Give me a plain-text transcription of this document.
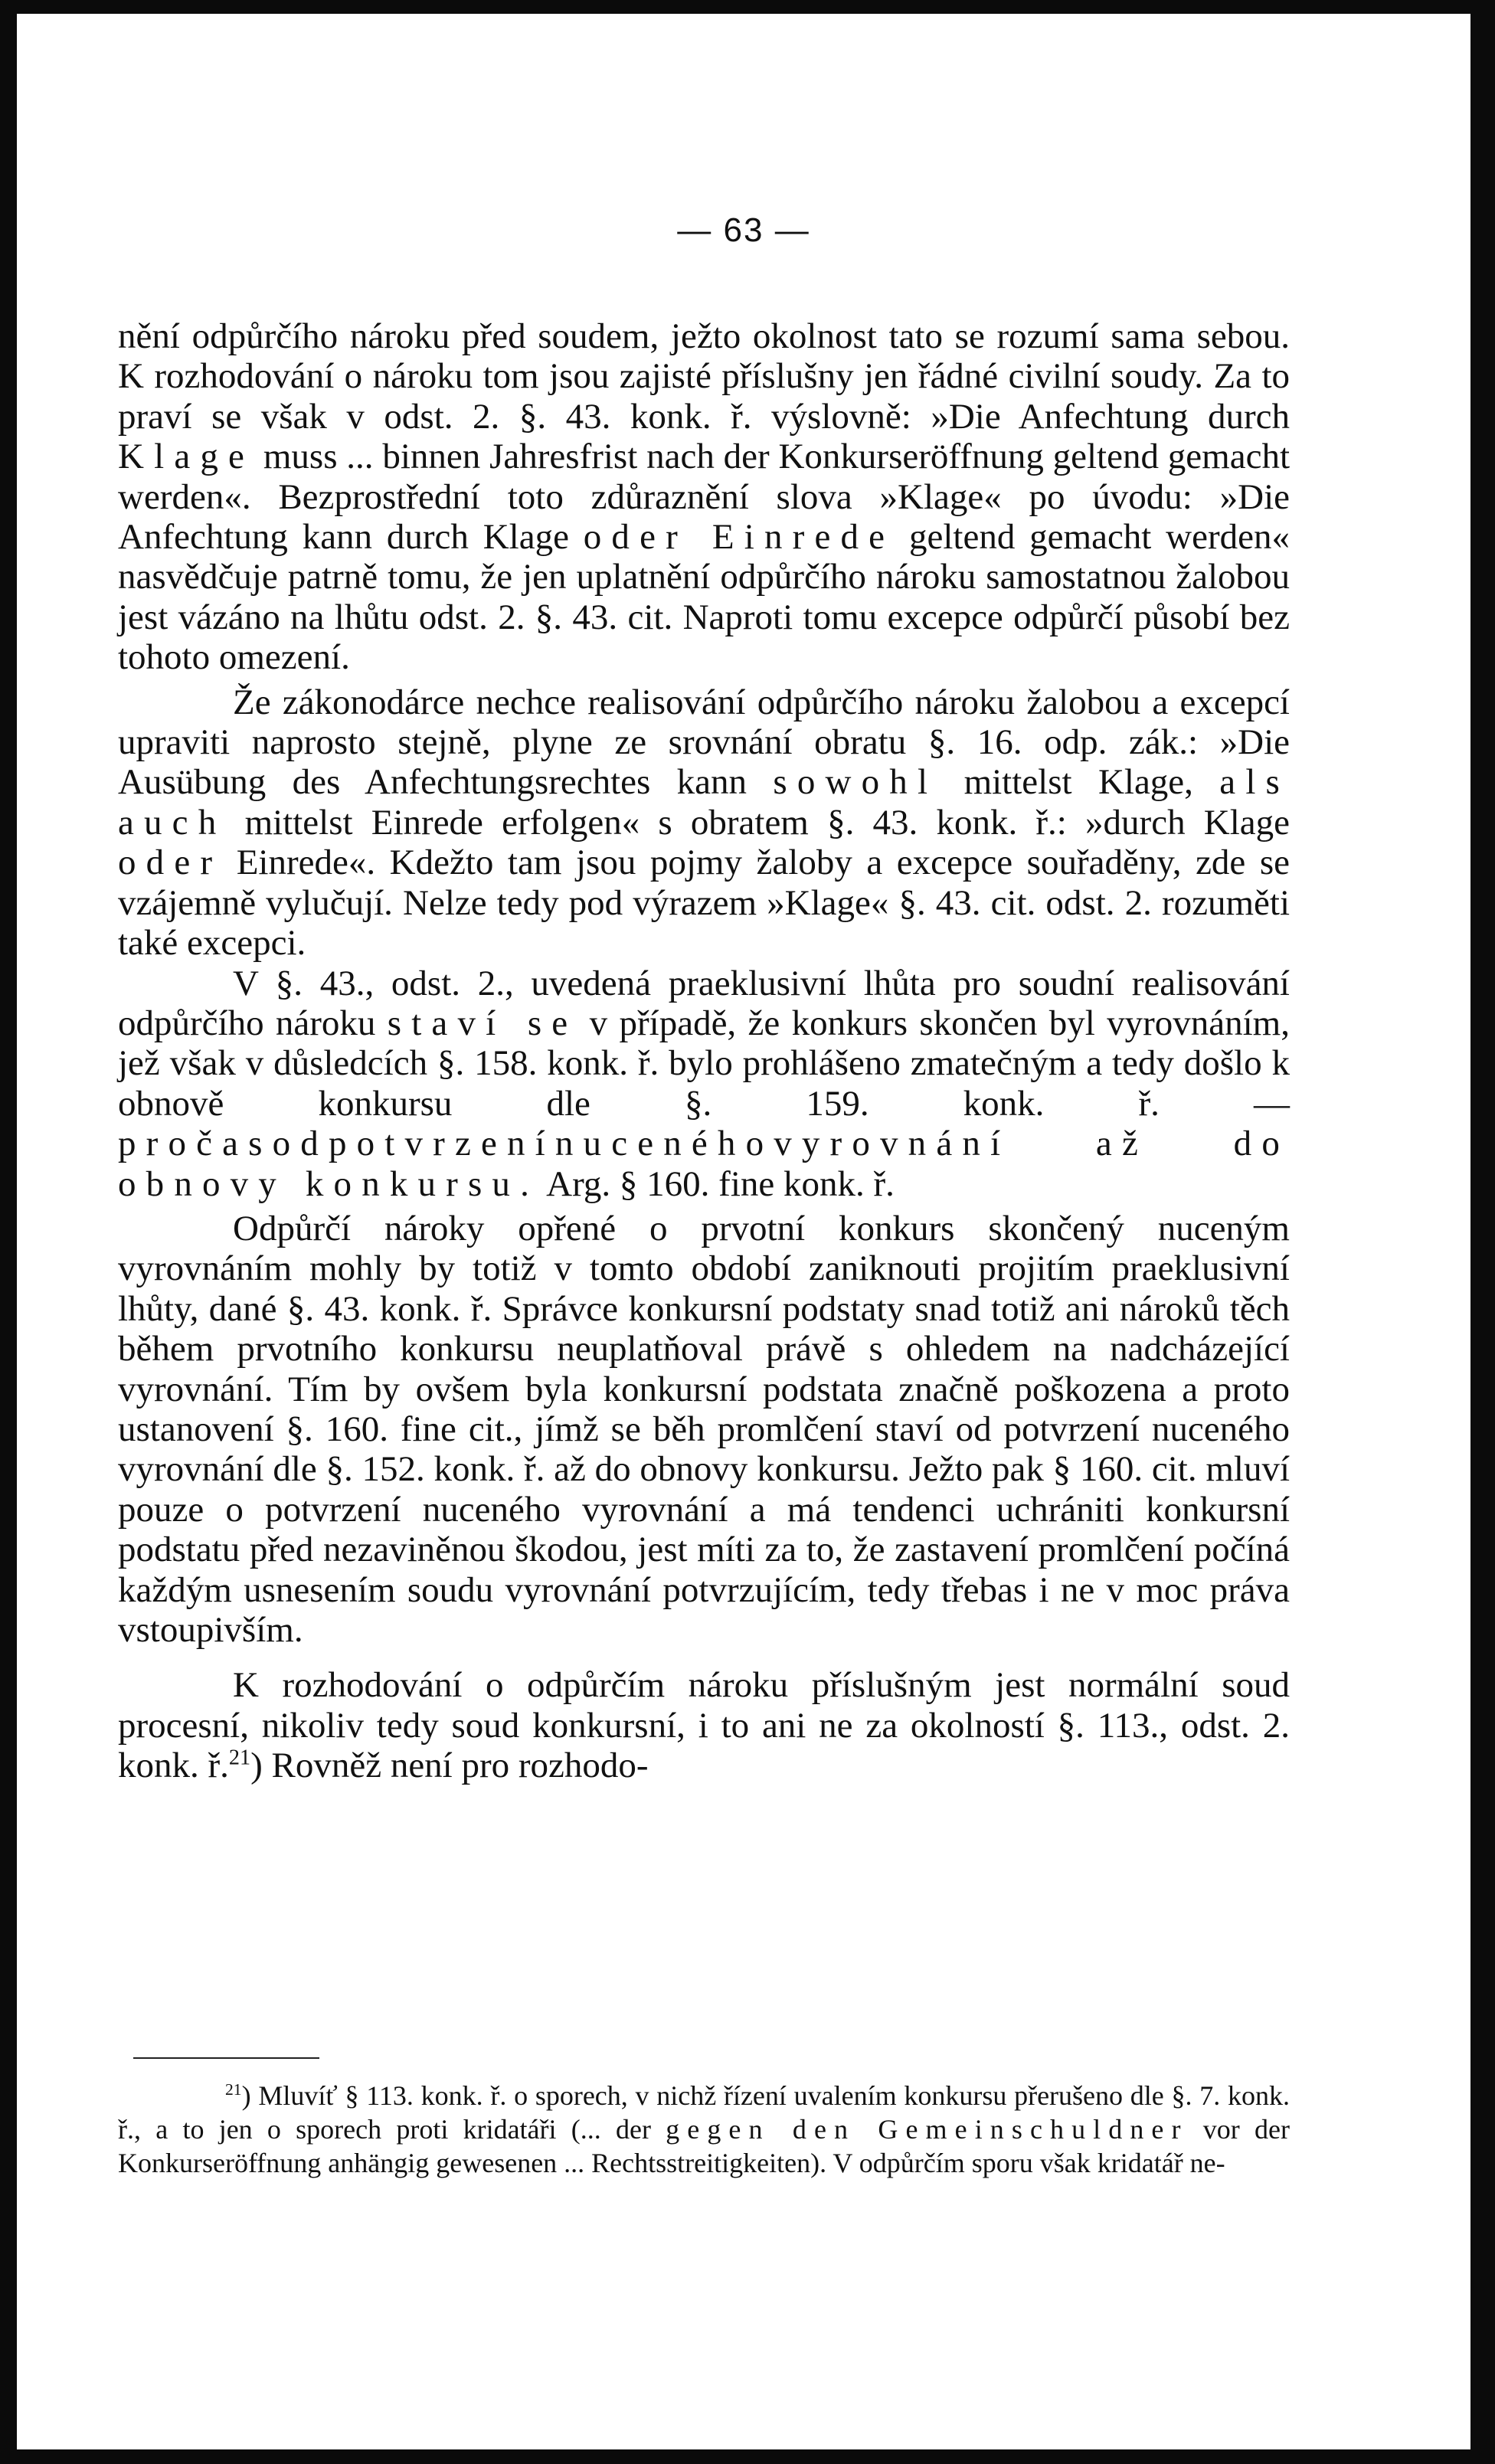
— 63 —

nění odpůrčího nároku před soudem, ježto okolnost tato se rozumí sama sebou. K rozhodování o nároku tom jsou zajisté příslušny jen řádné civilní soudy. Za to praví se však v odst. 2. §. 43. konk. ř. výslovně: »Die Anfechtung durch Klage muss ... binnen Jahresfrist nach der Konkurseröffnung geltend gemacht werden«. Bezprostřední toto zdůraznění slova »Klage« po úvodu: »Die Anfechtung kann durch Klage oder Einrede geltend gemacht werden« nasvědčuje patrně tomu, že jen uplatnění odpůrčího nároku samostatnou žalobou jest vázáno na lhůtu odst. 2. §. 43. cit. Naproti tomu excepce odpůrčí působí bez tohoto omezení.

Že zákonodárce nechce realisování odpůrčího nároku žalobou a excepcí upraviti naprosto stejně, plyne ze srovnání obratu §. 16. odp. zák.: »Die Ausübung des Anfechtungsrechtes kann sowohl mittelst Klage, als auch mittelst Einrede erfolgen« s obratem §. 43. konk. ř.: »durch Klage oder Einrede«. Kdežto tam jsou pojmy žaloby a excepce souřaděny, zde se vzájemně vylučují. Nelze tedy pod výrazem »Klage« §. 43. cit. odst. 2. rozuměti také excepci.

V §. 43., odst. 2., uvedená praeklusivní lhůta pro soudní realisování odpůrčího nároku staví se v případě, že konkurs skončen byl vyrovnáním, jež však v důsledcích §. 158. konk. ř. bylo prohlášeno zmatečným a tedy došlo k obnově konkursu dle §. 159. konk. ř. — pročasodpotvrzenínucenéhovyrovnání až do obnovy konkursu. Arg. § 160. fine konk. ř.

Odpůrčí nároky opřené o prvotní konkurs skončený nuceným vyrovnáním mohly by totiž v tomto období zaniknouti projitím praeklusivní lhůty, dané §. 43. konk. ř. Správce konkursní podstaty snad totiž ani nároků těch během prvotního konkursu neuplatňoval právě s ohledem na nadcházející vyrovnání. Tím by ovšem byla konkursní podstata značně poškozena a proto ustanovení §. 160. fine cit., jímž se běh promlčení staví od potvrzení nuceného vyrovnání dle §. 152. konk. ř. až do obnovy konkursu. Ježto pak § 160. cit. mluví pouze o potvrzení nuceného vyrovnání a má tendenci uchrániti konkursní podstatu před nezaviněnou škodou, jest míti za to, že zastavení promlčení počíná každým usnesením soudu vyrovnání potvrzujícím, tedy třebas i ne v moc práva vstoupivším.

K rozhodování o odpůrčím nároku příslušným jest normální soud procesní, nikoliv tedy soud konkursní, i to ani ne za okolností §. 113., odst. 2. konk. ř.$^{21}$) Rovněž není pro rozhodo-

$^{21}$) Mluvíť § 113. konk. ř. o sporech, v nichž řízení uvalením konkursu přerušeno dle §. 7. konk. ř., a to jen o sporech proti kridatáři (... der gegen den Gemeinschuldner vor der Konkurseröffnung anhängig gewesenen ... Rechtsstreitigkeiten). V odpůrčím sporu však kridatář ne-
